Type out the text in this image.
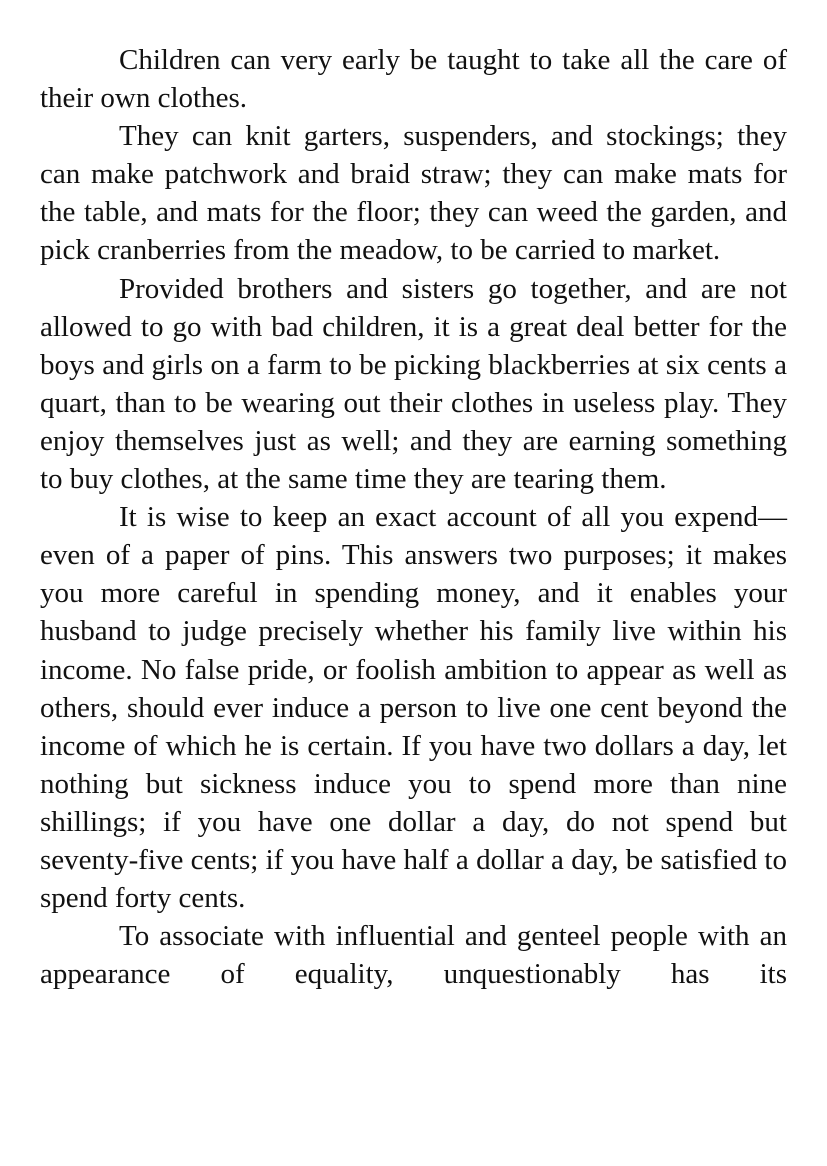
Children can very early be taught to take all the care of their own clothes.

They can knit garters, suspenders, and stockings; they can make patchwork and braid straw; they can make mats for the table, and mats for the floor; they can weed the garden, and pick cranberries from the meadow, to be carried to market.

Provided brothers and sisters go together, and are not allowed to go with bad children, it is a great deal better for the boys and girls on a farm to be picking blackberries at six cents a quart, than to be wearing out their clothes in useless play. They enjoy themselves just as well; and they are earning something to buy clothes, at the same time they are tearing them.

It is wise to keep an exact account of all you expend—even of a paper of pins. This answers two purposes; it makes you more careful in spending money, and it enables your husband to judge precisely whether his family live within his income. No false pride, or foolish ambition to appear as well as others, should ever induce a person to live one cent beyond the income of which he is certain. If you have two dollars a day, let nothing but sickness induce you to spend more than nine shillings; if you have one dollar a day, do not spend but seventy-five cents; if you have half a dollar a day, be satisfied to spend forty cents.

To associate with influential and genteel people with an appearance of equality, unquestionably has its
